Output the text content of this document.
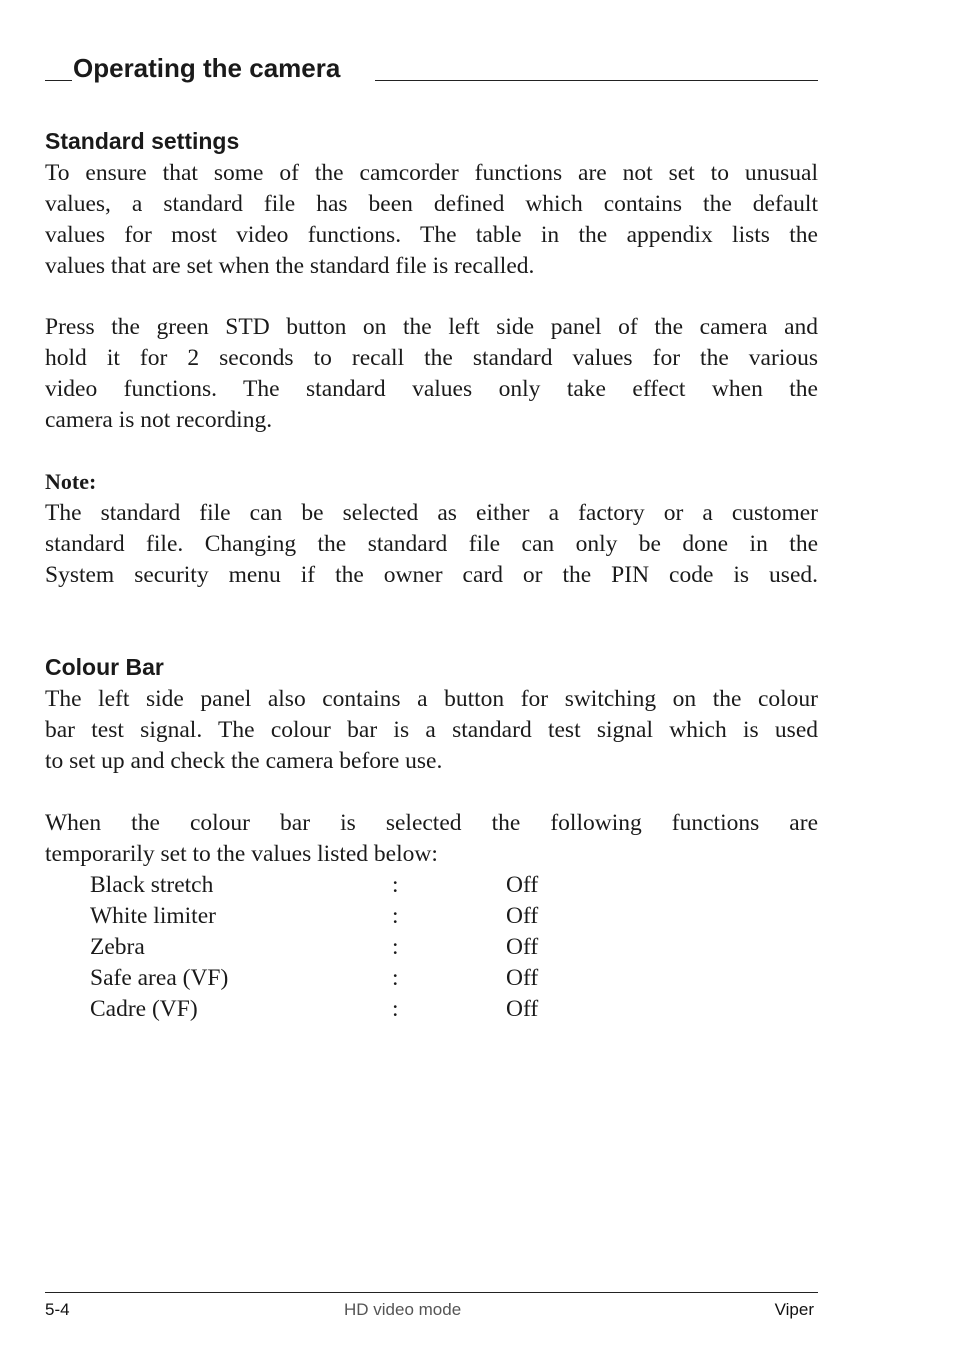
Operating the camera
Standard settings
To ensure that some of the camcorder functions are not set to unusual
values, a standard file has been defined which contains the default
values for most video functions. The table in the appendix lists the
values that are set when the standard file is recalled.
Press the green STD button on the left side panel of the camera and
hold it for 2 seconds to recall the standard values for the various
video functions. The standard values only take effect when the
camera is not recording.
Note:
The standard file can be selected as either a factory or a customer
standard file. Changing the standard file can only be done in the
System security menu if the owner card or the PIN code is used.
Colour Bar
The left side panel also contains a button for switching on the colour
bar test signal. The colour bar is a standard test signal which is used
to set up and check the camera before use.
When the colour bar is selected the following functions are
temporarily set to the values listed below:
Black stretch	:	Off
White limiter	:	Off
Zebra	:	Off
Safe area (VF)	:	Off
Cadre (VF)	:	Off
5-4	HD video mode	Viper
